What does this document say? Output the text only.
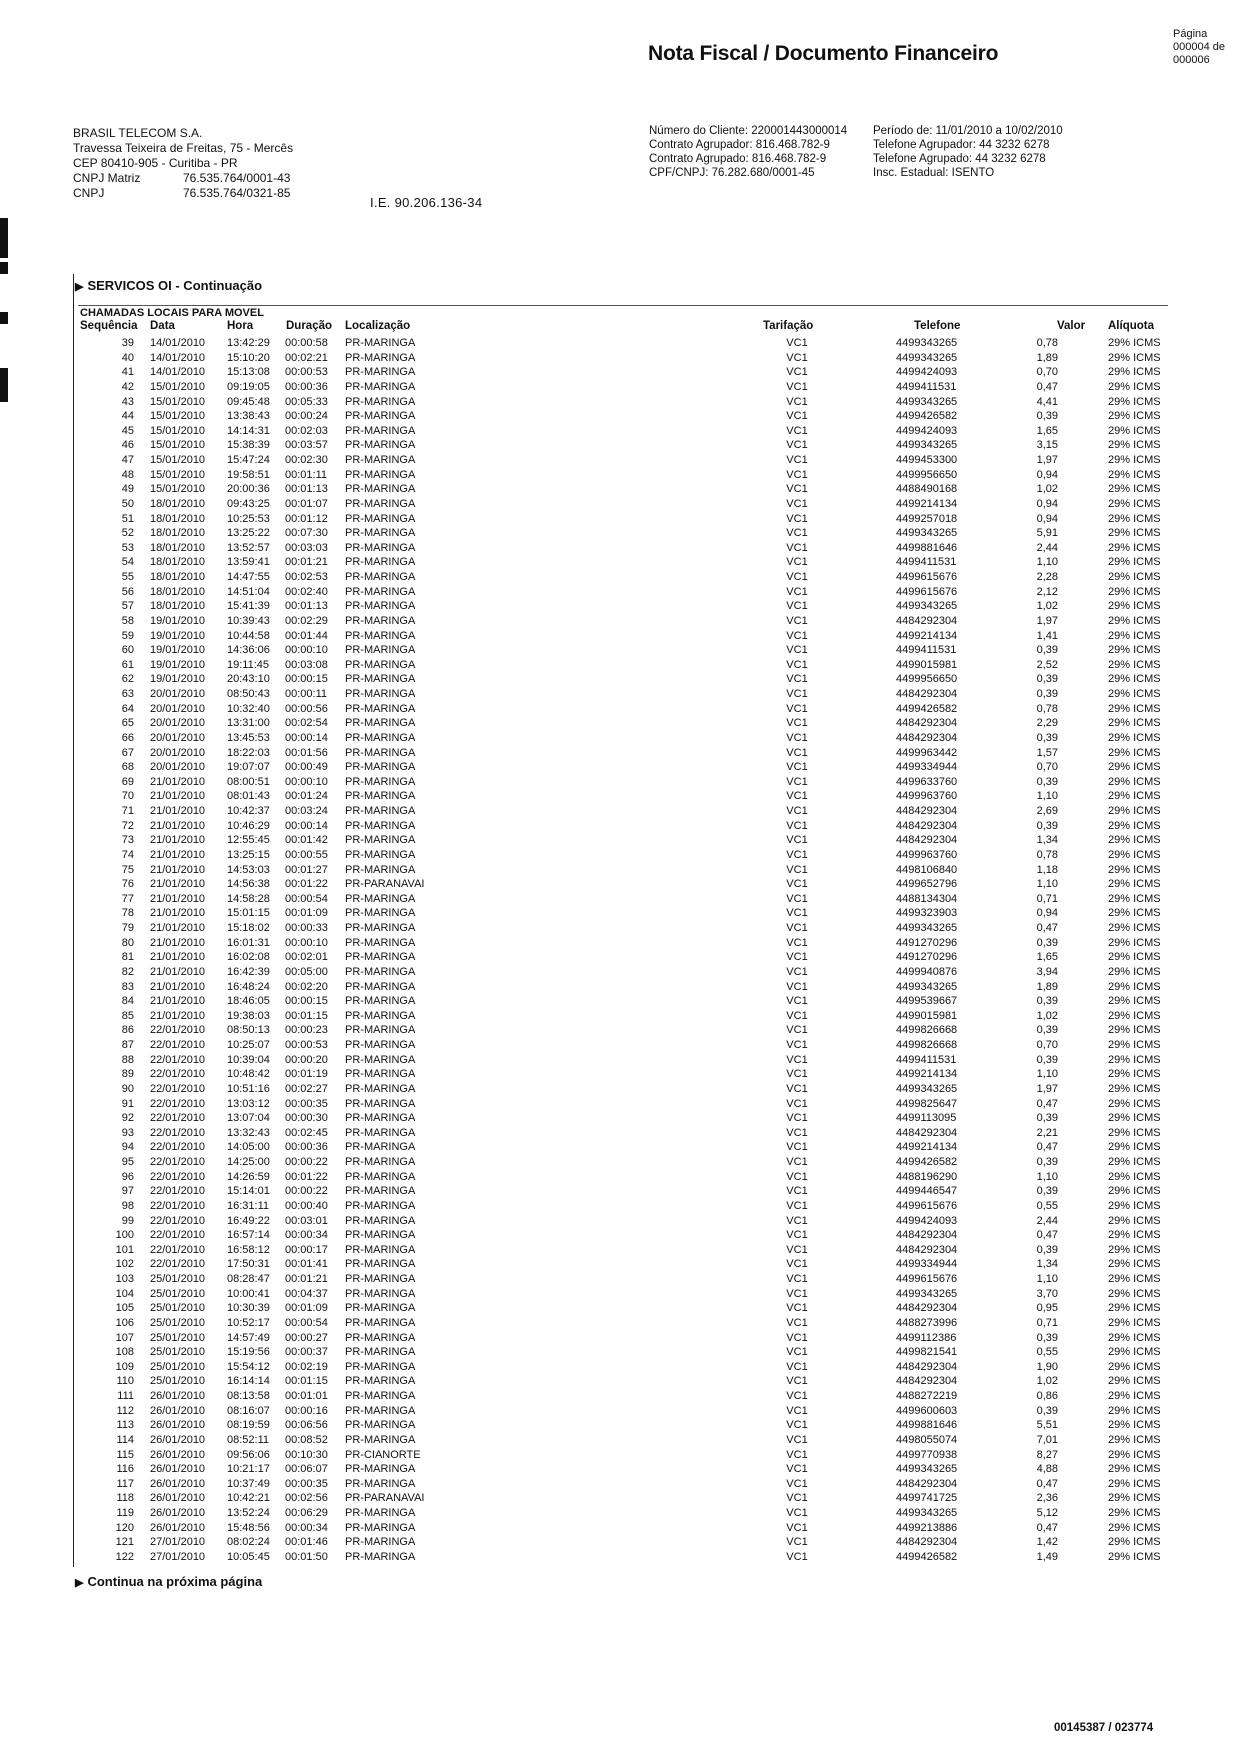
Nota Fiscal / Documento Financeiro
Página
000004 de
000006
BRASIL TELECOM S.A.
Travessa Teixeira de Freitas, 75 - Mercês
CEP 80410-905 - Curitiba - PR
CNPJ Matriz	76.535.764/0001-43
CNPJ	76.535.764/0321-85
I.E. 90.206.136-34
Número do Cliente: 220001443000014
Contrato Agrupador: 816.468.782-9
Contrato Agrupado: 816.468.782-9
CPF/CNPJ: 76.282.680/0001-45
Período de: 11/01/2010 a 10/02/2010
Telefone Agrupador: 44 3232 6278
Telefone Agrupado: 44 3232 6278
Insc. Estadual: ISENTO
▶ SERVICOS OI - Continuação
CHAMADAS LOCAIS PARA MOVEL
Sequência Data	Hora	Duração Localização	Tarifação	Telefone	Valor Alíquota
39 14/01/2010 13:42:29 00:00:58 PR-MARINGA	VC1	4499343265	0,78	29% ICMS
40 14/01/2010 15:10:20 00:02:21 PR-MARINGA	VC1	4499343265	1,89	29% ICMS
41 14/01/2010 15:13:08 00:00:53 PR-MARINGA	VC1	4499424093	0,70	29% ICMS
42 15/01/2010 09:19:05 00:00:36 PR-MARINGA	VC1	4499411531	0,47	29% ICMS
43 15/01/2010 09:45:48 00:05:33 PR-MARINGA	VC1	4499343265	4,41	29% ICMS
44 15/01/2010 13:38:43 00:00:24 PR-MARINGA	VC1	4499426582	0,39	29% ICMS
45 15/01/2010 14:14:31 00:02:03 PR-MARINGA	VC1	4499424093	1,65	29% ICMS
46 15/01/2010 15:38:39 00:03:57 PR-MARINGA	VC1	4499343265	3,15	29% ICMS
47 15/01/2010 15:47:24 00:02:30 PR-MARINGA	VC1	4499453300	1,97	29% ICMS
48 15/01/2010 19:58:51 00:01:11 PR-MARINGA	VC1	4499956650	0,94	29% ICMS
49 15/01/2010 20:00:36 00:01:13 PR-MARINGA	VC1	4488490168	1,02	29% ICMS
50 18/01/2010 09:43:25 00:01:07 PR-MARINGA	VC1	4499214134	0,94	29% ICMS
51 18/01/2010 10:25:53 00:01:12 PR-MARINGA	VC1	4499257018	0,94	29% ICMS
52 18/01/2010 13:25:22 00:07:30 PR-MARINGA	VC1	4499343265	5,91	29% ICMS
53 18/01/2010 13:52:57 00:03:03 PR-MARINGA	VC1	4499881646	2,44	29% ICMS
54 18/01/2010 13:59:41 00:01:21 PR-MARINGA	VC1	4499411531	1,10	29% ICMS
55 18/01/2010 14:47:55 00:02:53 PR-MARINGA	VC1	4499615676	2,28	29% ICMS
56 18/01/2010 14:51:04 00:02:40 PR-MARINGA	VC1	4499615676	2,12	29% ICMS
57 18/01/2010 15:41:39 00:01:13 PR-MARINGA	VC1	4499343265	1,02	29% ICMS
58 19/01/2010 10:39:43 00:02:29 PR-MARINGA	VC1	4484292304	1,97	29% ICMS
59 19/01/2010 10:44:58 00:01:44 PR-MARINGA	VC1	4499214134	1,41	29% ICMS
60 19/01/2010 14:36:06 00:00:10 PR-MARINGA	VC1	4499411531	0,39	29% ICMS
61 19/01/2010 19:11:45 00:03:08 PR-MARINGA	VC1	4499015981	2,52	29% ICMS
62 19/01/2010 20:43:10 00:00:15 PR-MARINGA	VC1	4499956650	0,39	29% ICMS
63 20/01/2010 08:50:43 00:00:11 PR-MARINGA	VC1	4484292304	0,39	29% ICMS
64 20/01/2010 10:32:40 00:00:56 PR-MARINGA	VC1	4499426582	0,78	29% ICMS
65 20/01/2010 13:31:00 00:02:54 PR-MARINGA	VC1	4484292304	2,29	29% ICMS
66 20/01/2010 13:45:53 00:00:14 PR-MARINGA	VC1	4484292304	0,39	29% ICMS
67 20/01/2010 18:22:03 00:01:56 PR-MARINGA	VC1	4499963442	1,57	29% ICMS
68 20/01/2010 19:07:07 00:00:49 PR-MARINGA	VC1	4499334944	0,70	29% ICMS
69 21/01/2010 08:00:51 00:00:10 PR-MARINGA	VC1	4499633760	0,39	29% ICMS
70 21/01/2010 08:01:43 00:01:24 PR-MARINGA	VC1	4499963760	1,10	29% ICMS
71 21/01/2010 10:42:37 00:03:24 PR-MARINGA	VC1	4484292304	2,69	29% ICMS
72 21/01/2010 10:46:29 00:00:14 PR-MARINGA	VC1	4484292304	0,39	29% ICMS
73 21/01/2010 12:55:45 00:01:42 PR-MARINGA	VC1	4484292304	1,34	29% ICMS
74 21/01/2010 13:25:15 00:00:55 PR-MARINGA	VC1	4499963760	0,78	29% ICMS
75 21/01/2010 14:53:03 00:01:27 PR-MARINGA	VC1	4498106840	1,18	29% ICMS
76 21/01/2010 14:56:38 00:01:22 PR-PARANAVAI	VC1	4499652796	1,10	29% ICMS
77 21/01/2010 14:58:28 00:00:54 PR-MARINGA	VC1	4488134304	0,71	29% ICMS
78 21/01/2010 15:01:15 00:01:09 PR-MARINGA	VC1	4499323903	0,94	29% ICMS
79 21/01/2010 15:18:02 00:00:33 PR-MARINGA	VC1	4499343265	0,47	29% ICMS
80 21/01/2010 16:01:31 00:00:10 PR-MARINGA	VC1	4491270296	0,39	29% ICMS
81 21/01/2010 16:02:08 00:02:01 PR-MARINGA	VC1	4491270296	1,65	29% ICMS
82 21/01/2010 16:42:39 00:05:00 PR-MARINGA	VC1	4499940876	3,94	29% ICMS
83 21/01/2010 16:48:24 00:02:20 PR-MARINGA	VC1	4499343265	1,89	29% ICMS
84 21/01/2010 18:46:05 00:00:15 PR-MARINGA	VC1	4499539667	0,39	29% ICMS
85 21/01/2010 19:38:03 00:01:15 PR-MARINGA	VC1	4499015981	1,02	29% ICMS
86 22/01/2010 08:50:13 00:00:23 PR-MARINGA	VC1	4499826668	0,39	29% ICMS
87 22/01/2010 10:25:07 00:00:53 PR-MARINGA	VC1	4499826668	0,70	29% ICMS
88 22/01/2010 10:39:04 00:00:20 PR-MARINGA	VC1	4499411531	0,39	29% ICMS
89 22/01/2010 10:48:42 00:01:19 PR-MARINGA	VC1	4499214134	1,10	29% ICMS
90 22/01/2010 10:51:16 00:02:27 PR-MARINGA	VC1	4499343265	1,97	29% ICMS
91 22/01/2010 13:03:12 00:00:35 PR-MARINGA	VC1	4499825647	0,47	29% ICMS
92 22/01/2010 13:07:04 00:00:30 PR-MARINGA	VC1	4499113095	0,39	29% ICMS
93 22/01/2010 13:32:43 00:02:45 PR-MARINGA	VC1	4484292304	2,21	29% ICMS
94 22/01/2010 14:05:00 00:00:36 PR-MARINGA	VC1	4499214134	0,47	29% ICMS
95 22/01/2010 14:25:00 00:00:22 PR-MARINGA	VC1	4499426582	0,39	29% ICMS
96 22/01/2010 14:26:59 00:01:22 PR-MARINGA	VC1	4488196290	1,10	29% ICMS
97 22/01/2010 15:14:01 00:00:22 PR-MARINGA	VC1	4499446547	0,39	29% ICMS
98 22/01/2010 16:31:11 00:00:40 PR-MARINGA	VC1	4499615676	0,55	29% ICMS
99 22/01/2010 16:49:22 00:03:01 PR-MARINGA	VC1	4499424093	2,44	29% ICMS
100 22/01/2010 16:57:14 00:00:34 PR-MARINGA	VC1	4484292304	0,47	29% ICMS
101 22/01/2010 16:58:12 00:00:17 PR-MARINGA	VC1	4484292304	0,39	29% ICMS
102 22/01/2010 17:50:31 00:01:41 PR-MARINGA	VC1	4499334944	1,34	29% ICMS
103 25/01/2010 08:28:47 00:01:21 PR-MARINGA	VC1	4499615676	1,10	29% ICMS
104 25/01/2010 10:00:41 00:04:37 PR-MARINGA	VC1	4499343265	3,70	29% ICMS
105 25/01/2010 10:30:39 00:01:09 PR-MARINGA	VC1	4484292304	0,95	29% ICMS
106 25/01/2010 10:52:17 00:00:54 PR-MARINGA	VC1	4488273996	0,71	29% ICMS
107 25/01/2010 14:57:49 00:00:27 PR-MARINGA	VC1	4499112386	0,39	29% ICMS
108 25/01/2010 15:19:56 00:00:37 PR-MARINGA	VC1	4499821541	0,55	29% ICMS
109 25/01/2010 15:54:12 00:02:19 PR-MARINGA	VC1	4484292304	1,90	29% ICMS
110 25/01/2010 16:14:14 00:01:15 PR-MARINGA	VC1	4484292304	1,02	29% ICMS
111 26/01/2010 08:13:58 00:01:01 PR-MARINGA	VC1	4488272219	0,86	29% ICMS
112 26/01/2010 08:16:07 00:00:16 PR-MARINGA	VC1	4499600603	0,39	29% ICMS
113 26/01/2010 08:19:59 00:06:56 PR-MARINGA	VC1	4499881646	5,51	29% ICMS
114 26/01/2010 08:52:11 00:08:52 PR-MARINGA	VC1	4498055074	7,01	29% ICMS
115 26/01/2010 09:56:06 00:10:30 PR-CIANORTE	VC1	4499770938	8,27	29% ICMS
116 26/01/2010 10:21:17 00:06:07 PR-MARINGA	VC1	4499343265	4,88	29% ICMS
117 26/01/2010 10:37:49 00:00:35 PR-MARINGA	VC1	4484292304	0,47	29% ICMS
118 26/01/2010 10:42:21 00:02:56 PR-PARANAVAI	VC1	4499741725	2,36	29% ICMS
119 26/01/2010 13:52:24 00:06:29 PR-MARINGA	VC1	4499343265	5,12	29% ICMS
120 26/01/2010 15:48:56 00:00:34 PR-MARINGA	VC1	4499213886	0,47	29% ICMS
121 27/01/2010 08:02:24 00:01:46 PR-MARINGA	VC1	4484292304	1,42	29% ICMS
122 27/01/2010 10:05:45 00:01:50 PR-MARINGA	VC1	4499426582	1,49	29% ICMS
▶ Continua na próxima página
00145387 / 023774
